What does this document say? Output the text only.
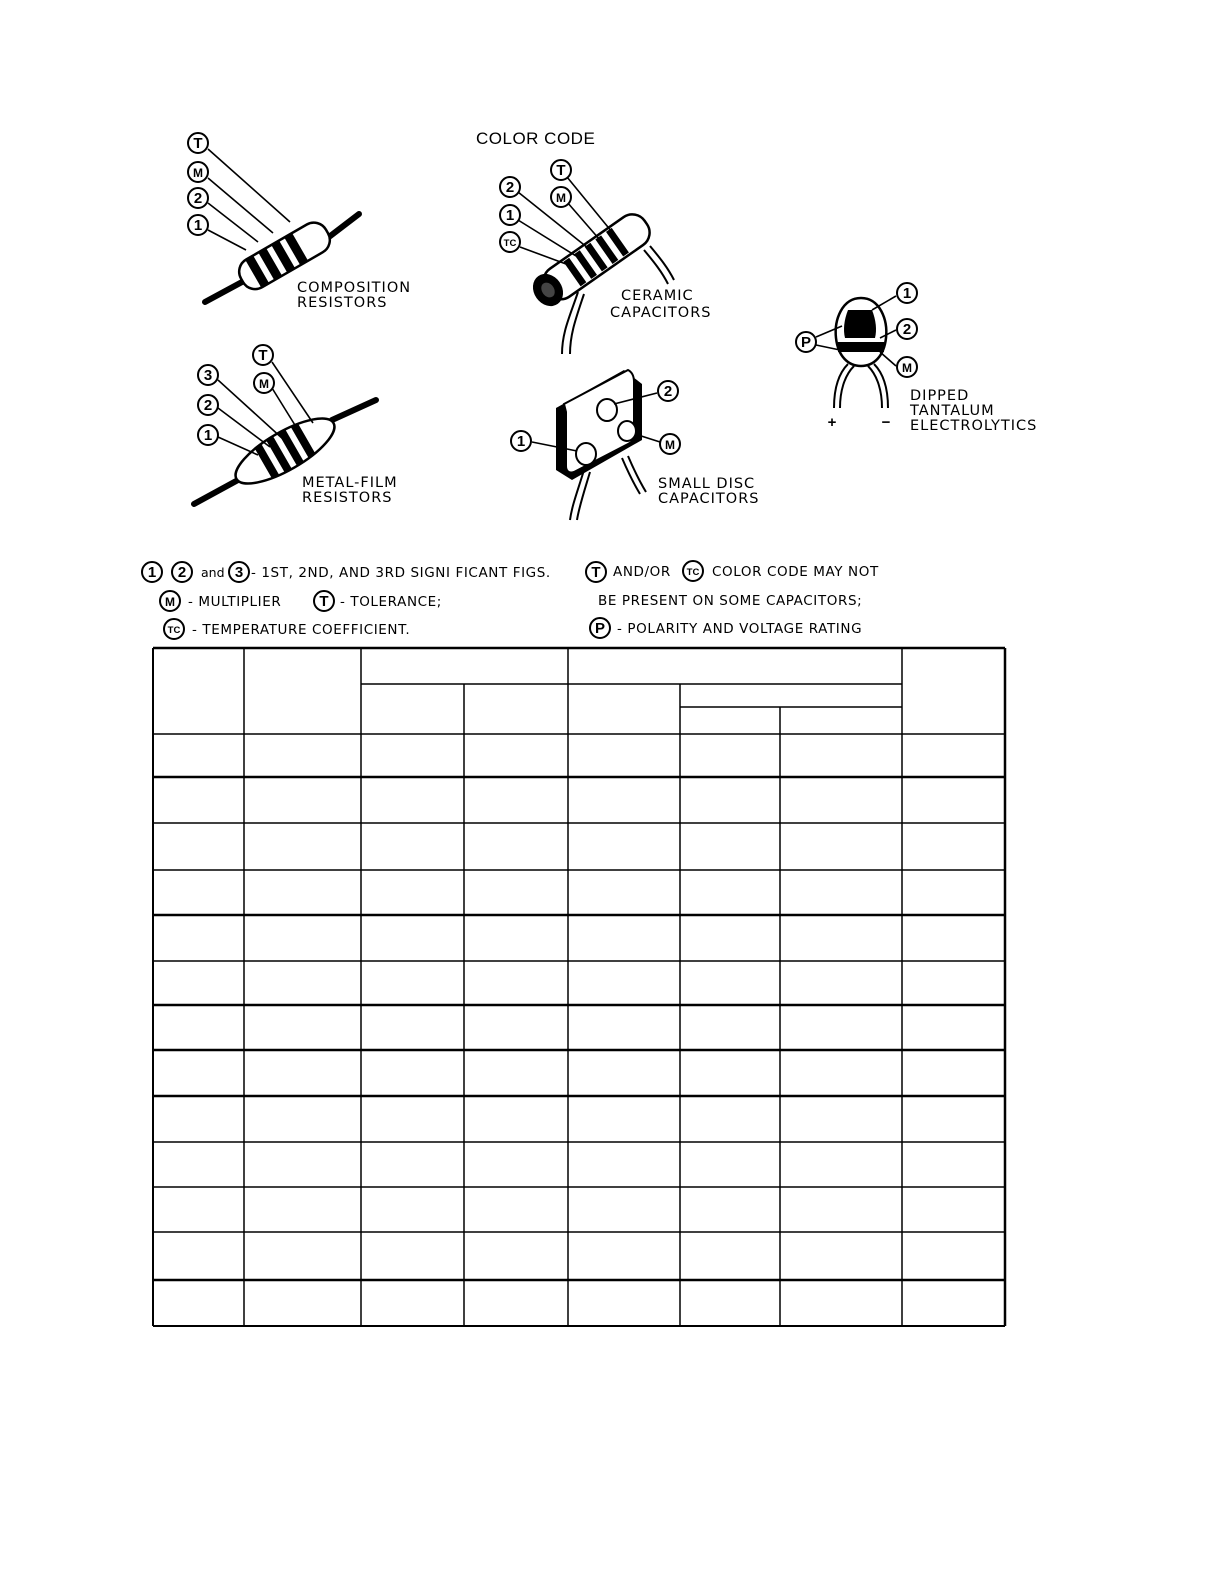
COLOR CODE
T
M
2
1
COMPOSITION
RESISTORS
T
M
3
2
1
METAL-FILM
RESISTORS
T
M
2
1
TC
CERAMIC
CAPACITORS
2
M
1
SMALL DISC
CAPACITORS
1
2
M
P
+	−
DIPPED
TANTALUM
ELECTROLYTICS
1 2 and 3 - 1ST, 2ND, AND 3RD SIGNI FICANT FIGS.
M - MULTIPLIER	T - TOLERANCE;
TC - TEMPERATURE COEFFICIENT.
T AND/OR TC COLOR CODE MAY NOT
BE PRESENT ON SOME CAPACITORS;
P - POLARITY AND VOLTAGE RATING
